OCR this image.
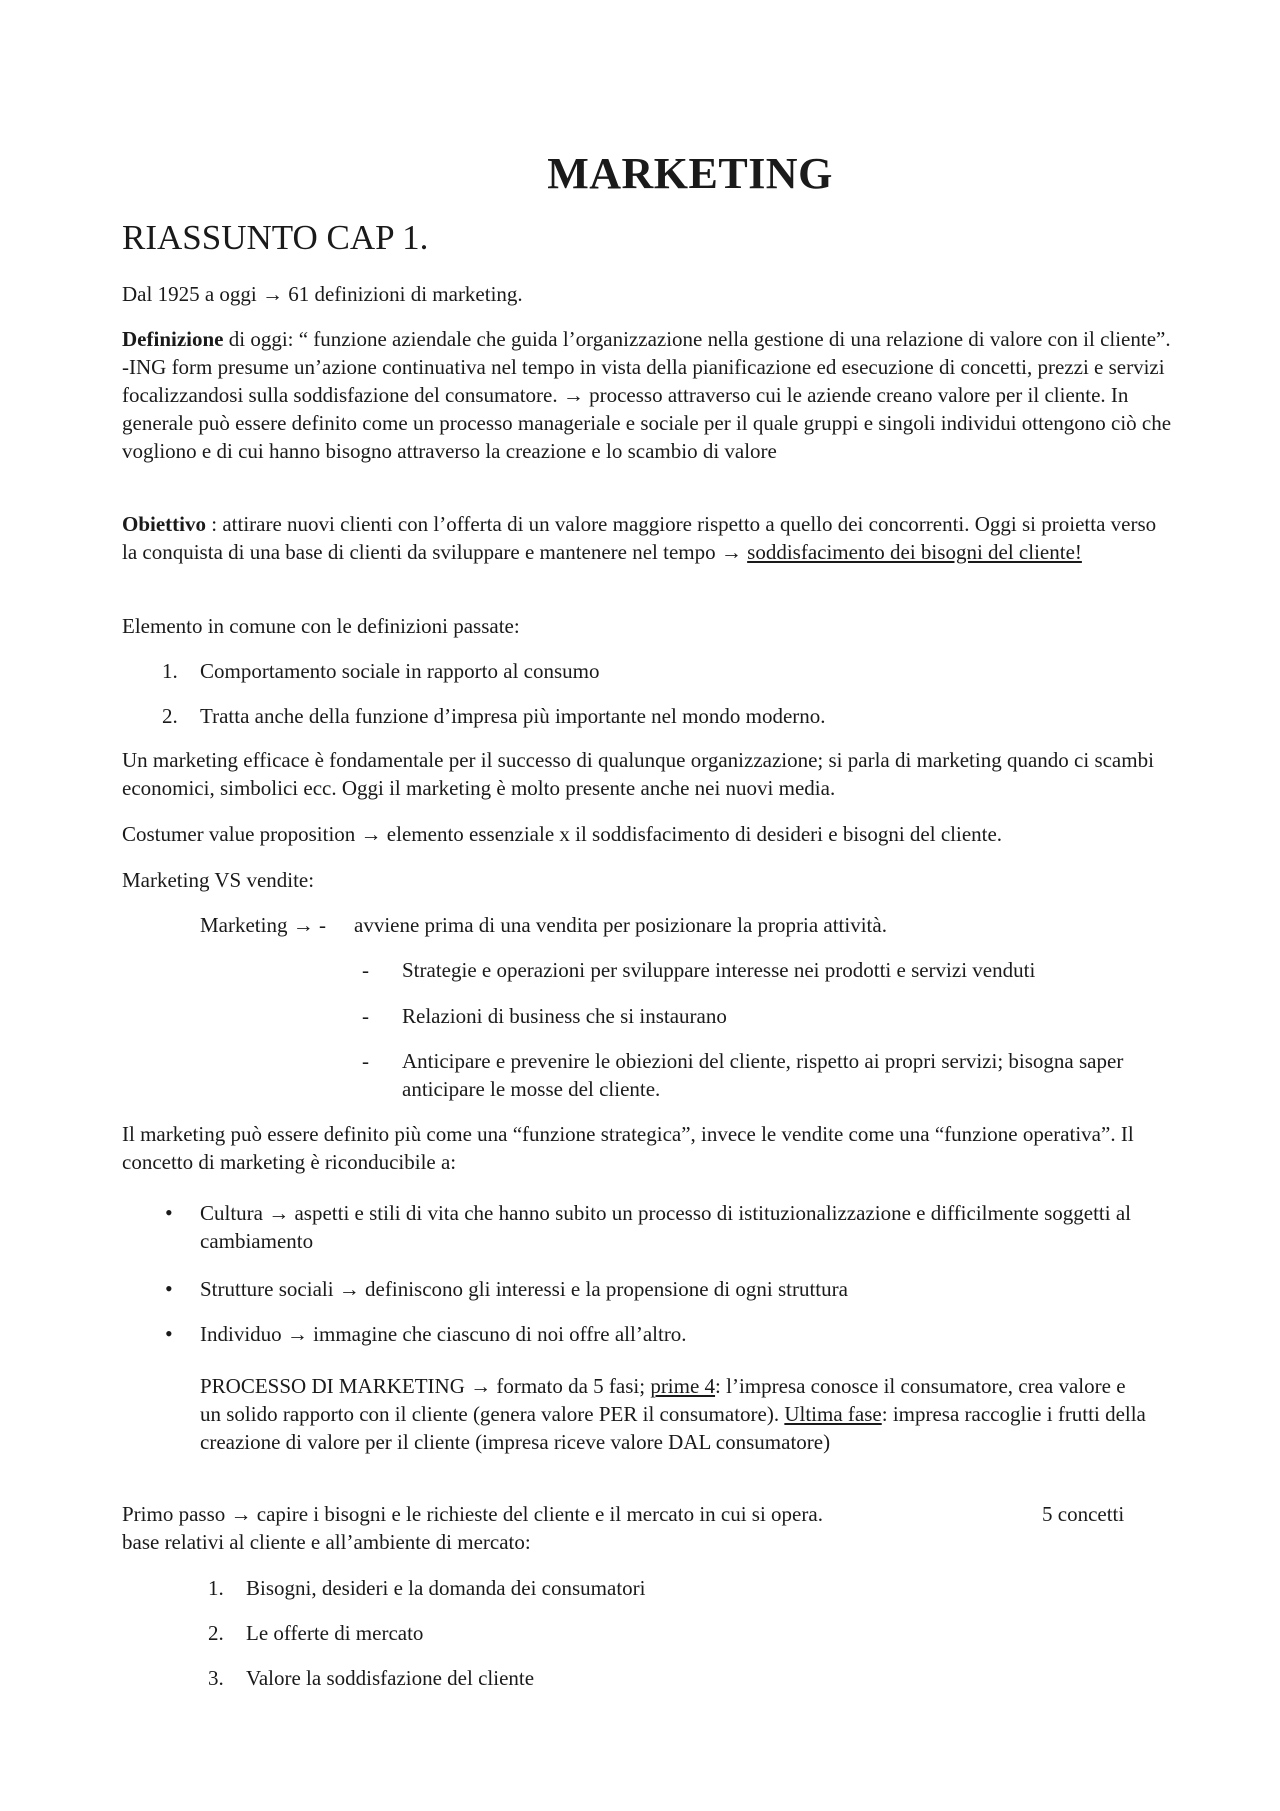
MARKETING
RIASSUNTO CAP 1.
Dal 1925 a oggi → 61 definizioni di marketing.
Definizione di oggi: “ funzione aziendale che guida l’organizzazione nella gestione di una relazione di valore con il cliente”. -ING form presume un’azione continuativa nel tempo in vista della pianificazione ed esecuzione di concetti, prezzi e servizi focalizzandosi sulla soddisfazione del consumatore. → processo attraverso cui le aziende creano valore per il cliente. In generale può essere definito come un processo manageriale e sociale per il quale gruppi e singoli individui ottengono ciò che vogliono e di cui hanno bisogno attraverso la creazione e lo scambio di valore
Obiettivo : attirare nuovi clienti con l’offerta di un valore maggiore rispetto a quello dei concorrenti. Oggi si proietta verso la conquista di una base di clienti da sviluppare e mantenere nel tempo → soddisfacimento dei bisogni del cliente!
Elemento in comune con le definizioni passate:
1. Comportamento sociale in rapporto al consumo
2. Tratta anche della funzione d’impresa più importante nel mondo moderno.
Un marketing efficace è fondamentale per il successo di qualunque organizzazione; si parla di marketing quando ci scambi economici, simbolici ecc. Oggi il marketing è molto presente anche nei nuovi media.
Costumer value proposition → elemento essenziale x il soddisfacimento di desideri e bisogni del cliente.
Marketing VS vendite:
Marketing → - avviene prima di una vendita per posizionare la propria attività.
- Strategie e operazioni per sviluppare interesse nei prodotti e servizi venduti
- Relazioni di business che si instaurano
- Anticipare e prevenire le obiezioni del cliente, rispetto ai propri servizi; bisogna saper anticipare le mosse del cliente.
Il marketing può essere definito più come una “funzione strategica”, invece le vendite come una “funzione operativa”. Il concetto di marketing è riconducibile a:
• Cultura → aspetti e stili di vita che hanno subito un processo di istituzionalizzazione e difficilmente soggetti al cambiamento
• Strutture sociali → definiscono gli interessi e la propensione di ogni struttura
• Individuo → immagine che ciascuno di noi offre all’altro.
PROCESSO DI MARKETING → formato da 5 fasi; prime 4: l’impresa conosce il consumatore, crea valore e un solido rapporto con il cliente (genera valore PER il consumatore). Ultima fase: impresa raccoglie i frutti della creazione di valore per il cliente (impresa riceve valore DAL consumatore)
Primo passo → capire i bisogni e le richieste del cliente e il mercato in cui si opera.	5 concetti
base relativi al cliente e all’ambiente di mercato:
1. Bisogni, desideri e la domanda dei consumatori
2. Le offerte di mercato
3. Valore la soddisfazione del cliente
